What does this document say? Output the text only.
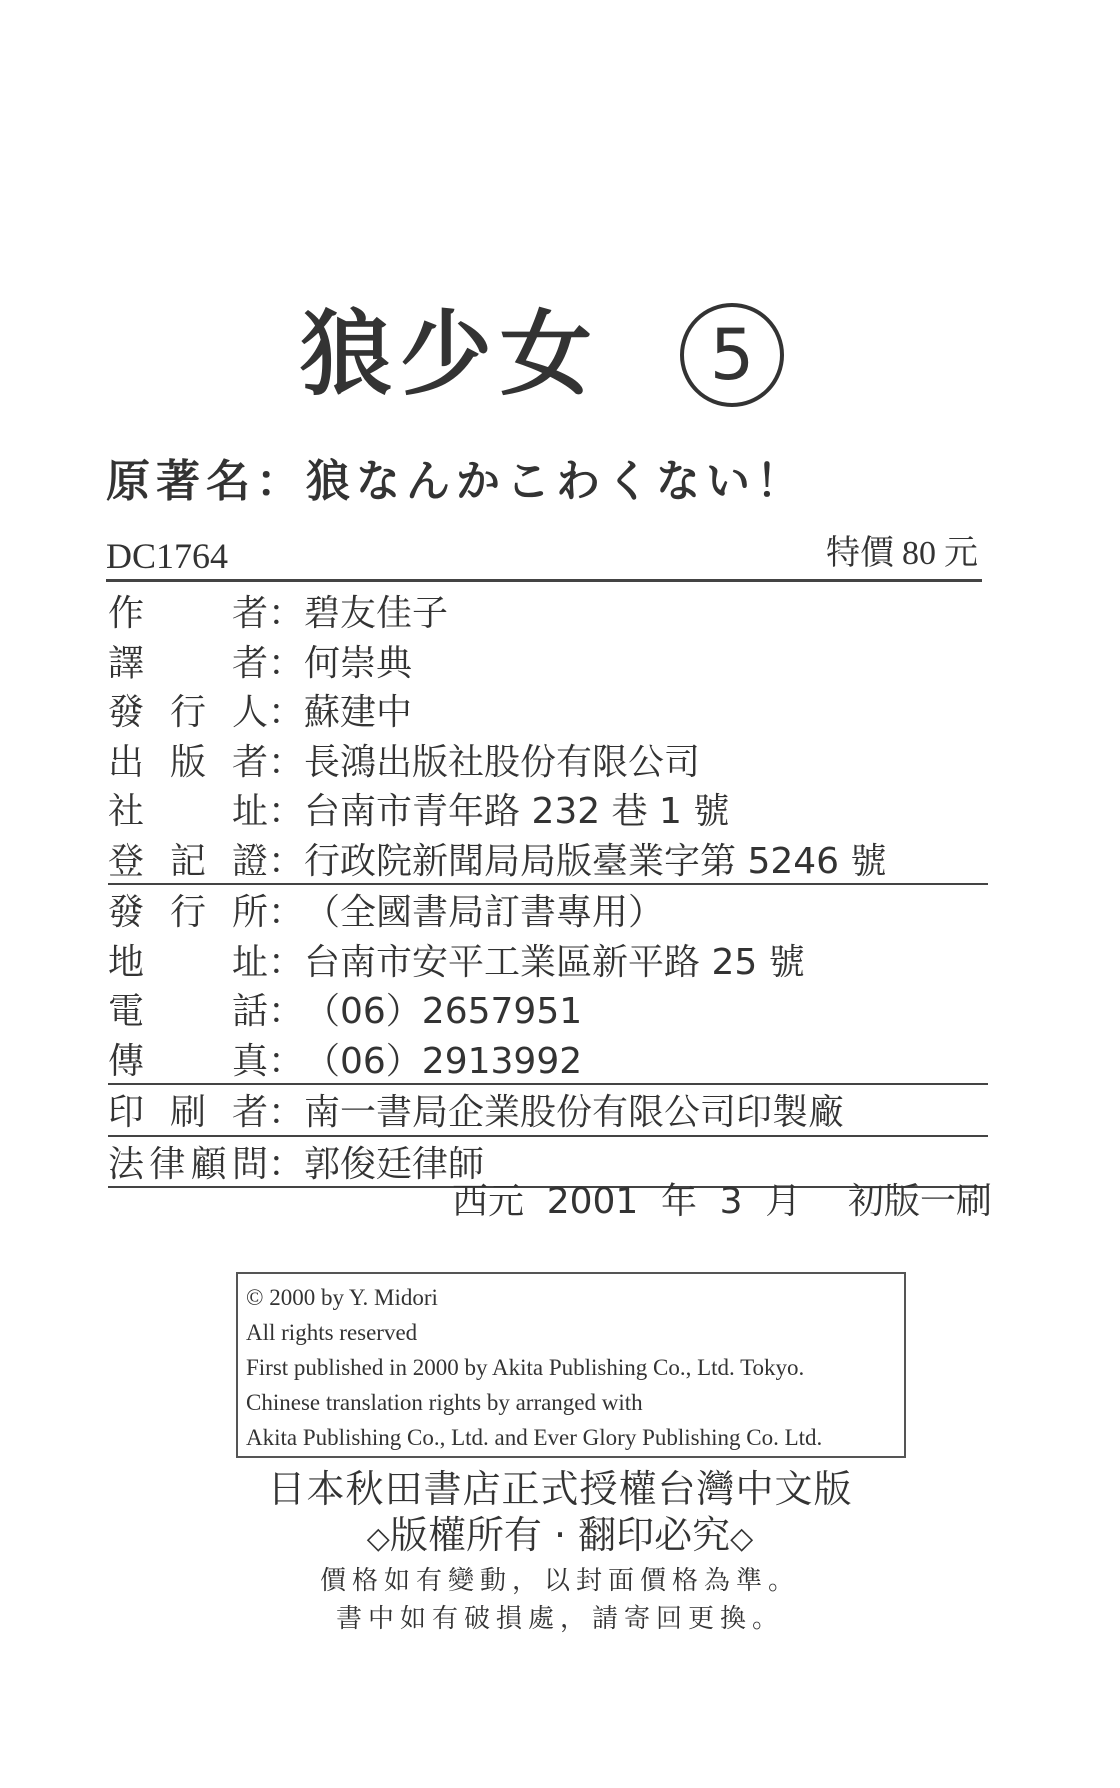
狼少女	5
原著名：狼なんかこわくない！
DC1764	特價 80 元
作 者 ： 碧友佳子
譯 者 ： 何崇典
發 行 人 ： 蘇建中
出 版 者 ： 長鴻出版社股份有限公司
社 址 ： 台南市青年路 232 巷 1 號
登 記 證 ： 行政院新聞局局版臺業字第 5246 號
發 行 所 ： （全國書局訂書專用）
地 址 ： 台南市安平工業區新平路 25 號
電 話 ： （06）2657951
傳 真 ： （06）2913992
印 刷 者 ： 南一書局企業股份有限公司印製廠
法 律 顧 問 ： 郭俊廷律師
西元 2001 年 3 月 初版一刷
© 2000 by Y. Midori
All rights reserved
First published in 2000 by Akita Publishing Co., Ltd. Tokyo.
Chinese translation rights by arranged with
Akita Publishing Co., Ltd. and Ever Glory Publishing Co. Ltd.
日本秋田書店正式授權台灣中文版
◇版權所有 · 翻印必究◇
價格如有變動，以封面價格為準。
書中如有破損處，請寄回更換。
